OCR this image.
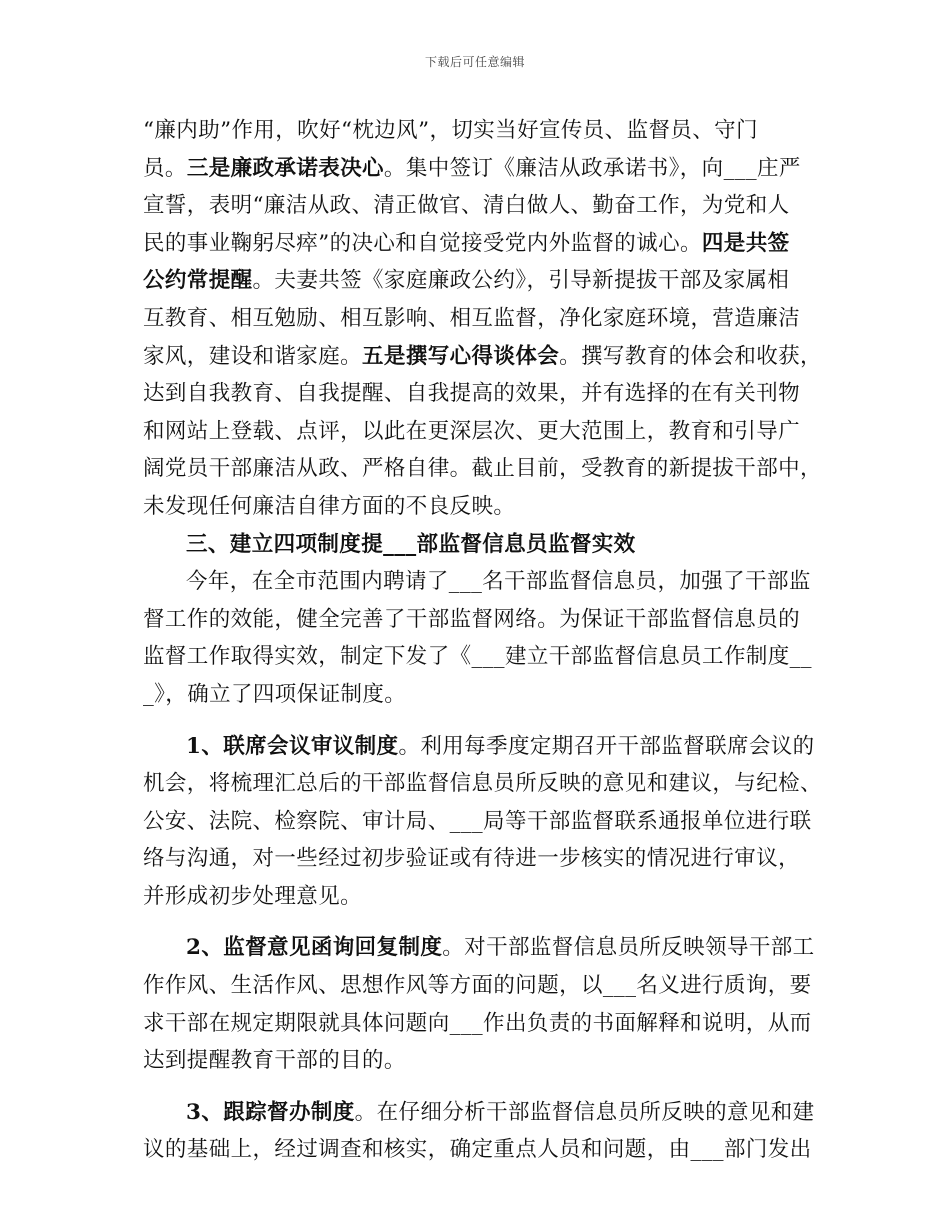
下载后可任意编辑
“廉内助”作用，吹好“枕边风”，切实当好宣传员、监督员、守门
员。三是廉政承诺表决心。集中签订《廉洁从政承诺书》，向___庄严
宣誓，表明“廉洁从政、清正做官、清白做人、勤奋工作，为党和人
民的事业鞠躬尽瘁”的决心和自觉接受党内外监督的诚心。四是共签
公约常提醒。夫妻共签《家庭廉政公约》，引导新提拔干部及家属相
互教育、相互勉励、相互影响、相互监督，净化家庭环境，营造廉洁
家风，建设和谐家庭。五是撰写心得谈体会。撰写教育的体会和收获，
达到自我教育、自我提醒、自我提高的效果，并有选择的在有关刊物
和网站上登载、点评，以此在更深层次、更大范围上，教育和引导广
阔党员干部廉洁从政、严格自律。截止目前，受教育的新提拔干部中，
未发现任何廉洁自律方面的不良反映。
三、建立四项制度提___部监督信息员监督实效
今年，在全市范围内聘请了___名干部监督信息员，加强了干部监
督工作的效能，健全完善了干部监督网络。为保证干部监督信息员的
监督工作取得实效，制定下发了《___建立干部监督信息员工作制度__
_》，确立了四项保证制度。
1、联席会议审议制度。利用每季度定期召开干部监督联席会议的
机会，将梳理汇总后的干部监督信息员所反映的意见和建议，与纪检、
公安、法院、检察院、审计局、___局等干部监督联系通报单位进行联
络与沟通，对一些经过初步验证或有待进一步核实的情况进行审议，
并形成初步处理意见。
2、监督意见函询回复制度。对干部监督信息员所反映领导干部工
作作风、生活作风、思想作风等方面的问题，以___名义进行质询，要
求干部在规定期限就具体问题向___作出负责的书面解释和说明，从而
达到提醒教育干部的目的。
3、跟踪督办制度。在仔细分析干部监督信息员所反映的意见和建
议的基础上，经过调查和核实，确定重点人员和问题，由___部门发出
